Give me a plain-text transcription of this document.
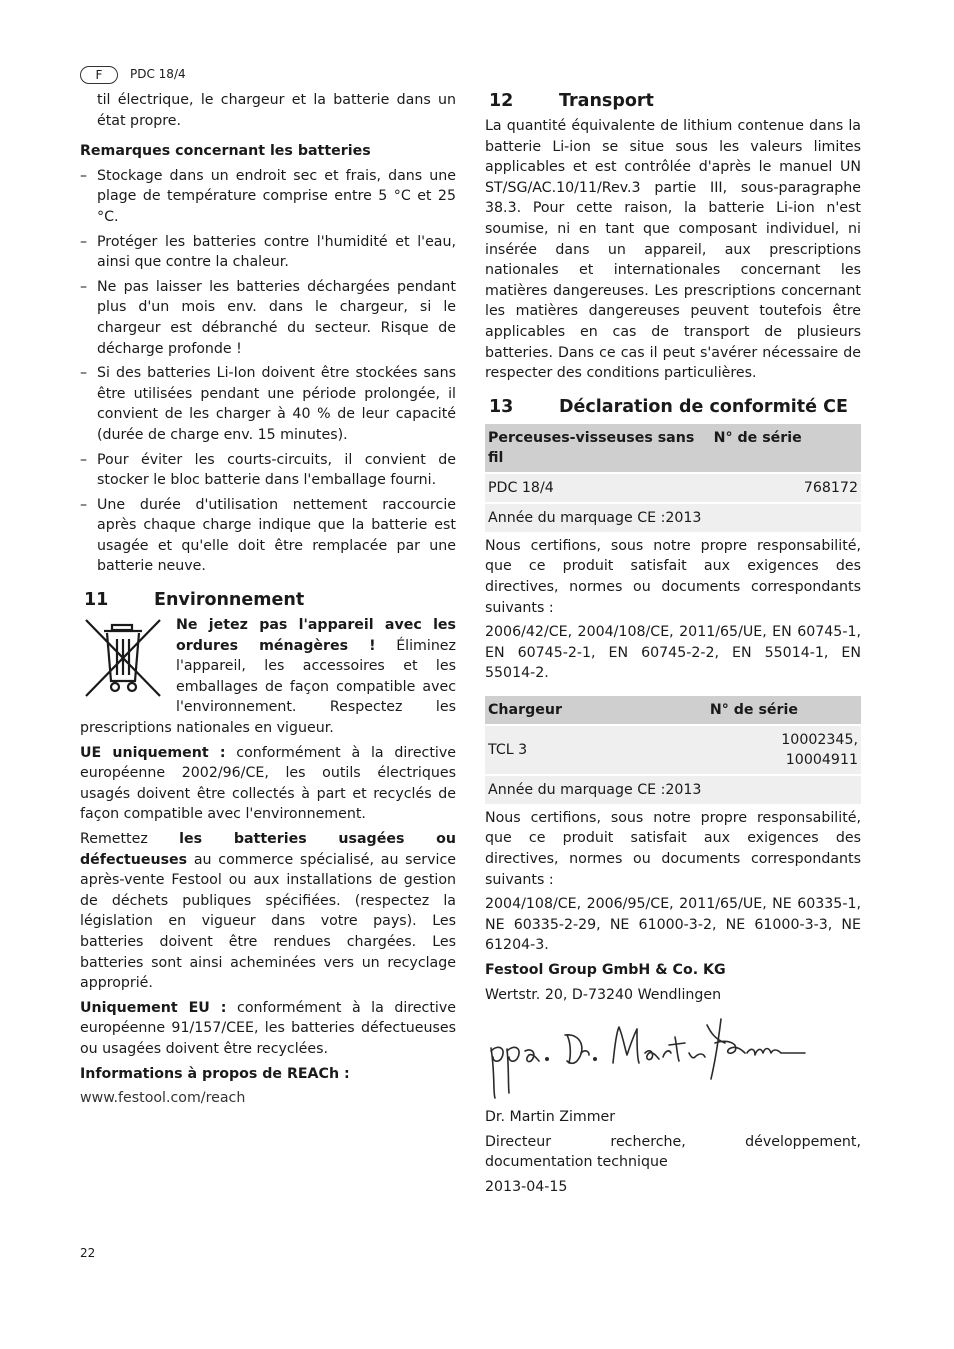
F	PDC 18/4

til électrique, le chargeur et la batterie dans un état propre.

Remarques concernant les batteries

– Stockage dans un endroit sec et frais, dans une plage de température comprise entre 5 °C et 25 °C.
– Protéger les batteries contre l'humidité et l'eau, ainsi que contre la chaleur.
– Ne pas laisser les batteries déchargées pendant plus d'un mois env. dans le chargeur, si le chargeur est débranché du secteur. Risque de décharge profonde !
– Si des batteries Li-Ion doivent être stockées sans être utilisées pendant une période prolongée, il convient de les charger à 40 % de leur capacité (durée de charge env. 15 minutes).
– Pour éviter les courts-circuits, il convient de stocker le bloc batterie dans l'emballage fourni.
– Une durée d'utilisation nettement raccourcie après chaque charge indique que la batterie est usagée et qu'elle doit être remplacée par une batterie neuve.
11	Environnement

Ne jetez pas l'appareil avec les ordures ménagères ! Éliminez l'appareil, les accessoires et les emballages de façon compatible avec l'environnement. Respectez les prescriptions nationales en vigueur.

UE uniquement : conformément à la directive européenne 2002/96/CE, les outils électriques usagés doivent être collectés à part et recyclés de façon compatible avec l'environnement.

Remettez les batteries usagées ou défectueuses au commerce spécialisé, au service après-vente Festool ou aux installations de gestion de déchets publiques spécifiées. (respectez la législation en vigueur dans votre pays). Les batteries doivent être rendues chargées. Les batteries sont ainsi acheminées vers un recyclage approprié.

Uniquement EU : conformément à la directive européenne 91/157/CEE, les batteries défectueuses ou usagées doivent être recyclées.

Informations à propos de REACh :

www.festool.com/reach

12	Transport

La quantité équivalente de lithium contenue dans la batterie Li-ion se situe sous les valeurs limites applicables et est contrôlée d'après le manuel UN ST/SG/AC.10/11/Rev.3 partie III, sous-paragraphe 38.3. Pour cette raison, la batterie Li-ion n'est soumise, ni en tant que composant individuel, ni insérée dans un appareil, aux prescriptions nationales et internationales concernant les matières dangereuses. Les prescriptions concernant les matières dangereuses peuvent toutefois être applicables en cas de transport de plusieurs batteries. Dans ce cas il peut s'avérer nécessaire de respecter des conditions particulières.

13	Déclaration de conformité CE
Perceuses-visseuses sans fil	N° de série
PDC 18/4	768172
Année du marquage CE :2013	

Nous certifions, sous notre propre responsabilité, que ce produit satisfait aux exigences des directives, normes ou documents correspondants suivants :

2006/42/CE, 2004/108/CE, 2011/65/UE, EN 60745-1, EN 60745-2-1, EN 60745-2-2, EN 55014-1, EN 55014-2.

Chargeur	N° de série
TCL 3	10002345, 10004911
Année du marquage CE :2013	

Nous certifions, sous notre propre responsabilité, que ce produit satisfait aux exigences des directives, normes ou documents correspondants suivants :

2004/108/CE, 2006/95/CE, 2011/65/UE, NE 60335-1, NE 60335-2-29, NE 61000-3-2, NE 61000-3-3, NE 61204-3.

Festool Group GmbH & Co. KG

Wertstr. 20, D-73240 Wendlingen

Dr. Martin Zimmer

Directeur recherche, développement, documentation technique

2013-04-15

22
